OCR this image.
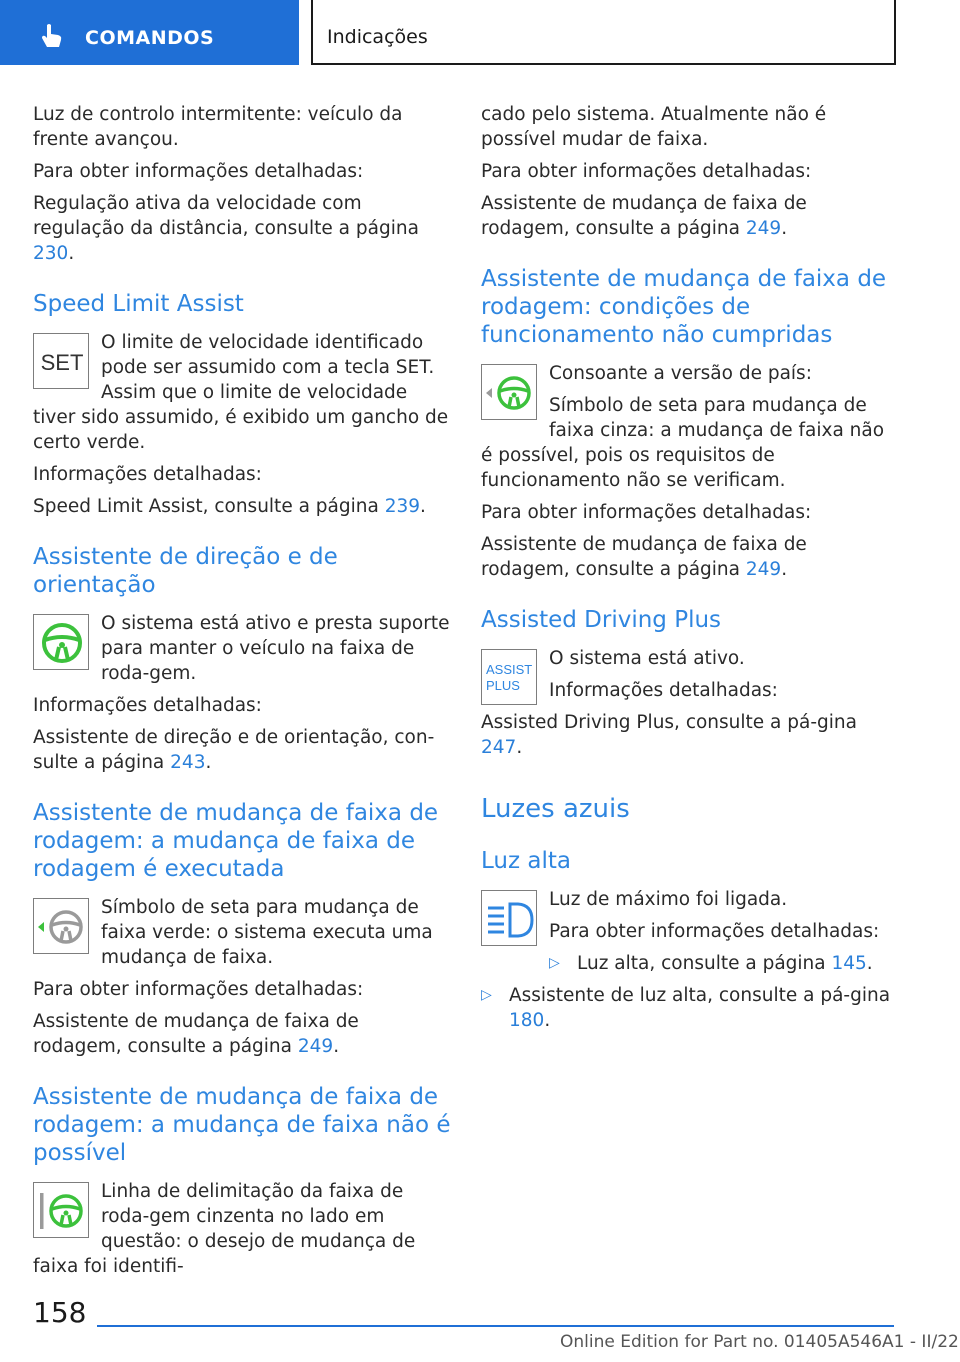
COMANDOS	Indicações

Luz de controlo intermitente: veículo da frente avançou.

Para obter informações detalhadas:

Regulação ativa da velocidade com regulação da distância, consulte a página 230.

Speed Limit Assist
SET

O limite de velocidade identificado pode ser assumido com a tecla SET. Assim que o limite de velocidade tiver sido assumido, é exibido um gancho de certo verde.

Informações detalhadas:

Speed Limit Assist, consulte a página 239.

Assistente de direção e de orientação

O sistema está ativo e presta suporte para manter o veículo na faixa de roda-gem.

Informações detalhadas:

Assistente de direção e de orientação, con-sulte a página 243.

Assistente de mudança de faixa de rodagem: a mudança de faixa de rodagem é executada

Símbolo de seta para mudança de faixa verde: o sistema executa uma mudança de faixa.

Para obter informações detalhadas:

Assistente de mudança de faixa de rodagem, consulte a página 249.

Assistente de mudança de faixa de rodagem: a mudança de faixa não é possível

Linha de delimitação da faixa de roda-gem cinzenta no lado em questão: o desejo de mudança de faixa foi identifi-

cado pelo sistema. Atualmente não é possível mudar de faixa.

Para obter informações detalhadas:

Assistente de mudança de faixa de rodagem, consulte a página 249.

Assistente de mudança de faixa de rodagem: condições de funcionamento não cumpridas

Consoante a versão de país:

Símbolo de seta para mudança de faixa cinza: a mudança de faixa não é possível, pois os requisitos de funcionamento não se verificam.

Para obter informações detalhadas:

Assistente de mudança de faixa de rodagem, consulte a página 249.

Assisted Driving Plus
ASSIST
PLUS

O sistema está ativo.

Informações detalhadas:

Assisted Driving Plus, consulte a pá-gina 247.

Luzes azuis
Luz alta

Luz de máximo foi ligada.

Para obter informações detalhadas:

▷ Luz alta, consulte a página 145.

▷ Assistente de luz alta, consulte a pá-gina 180.

158
Online Edition for Part no. 01405A546A1 - II/22
